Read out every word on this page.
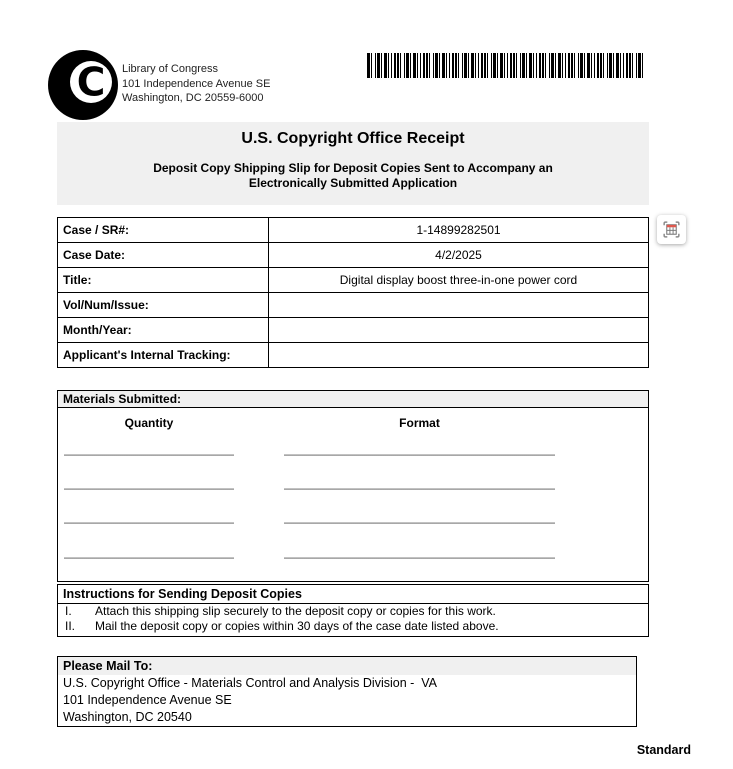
C Library of Congress
101 Independence Avenue SE
Washington, DC 20559-6000
U.S. Copyright Office Receipt
Deposit Copy Shipping Slip for Deposit Copies Sent to Accompany an
Electronically Submitted Application
Case / SR#:	1-14899282501
Case Date:	4/2/2025
Title:	Digital display boost three-in-one power cord
Vol/Num/Issue:	
Month/Year:	
Applicant's Internal Tracking:	
Materials Submitted:
Quantity	Format
Instructions for Sending Deposit Copies
I.	Attach this shipping slip securely to the deposit copy or copies for this work.
II.	Mail the deposit copy or copies within 30 days of the case date listed above.
Please Mail To:
U.S. Copyright Office - Materials Control and Analysis Division -  VA
101 Independence Avenue SE
Washington, DC 20540
Standard
